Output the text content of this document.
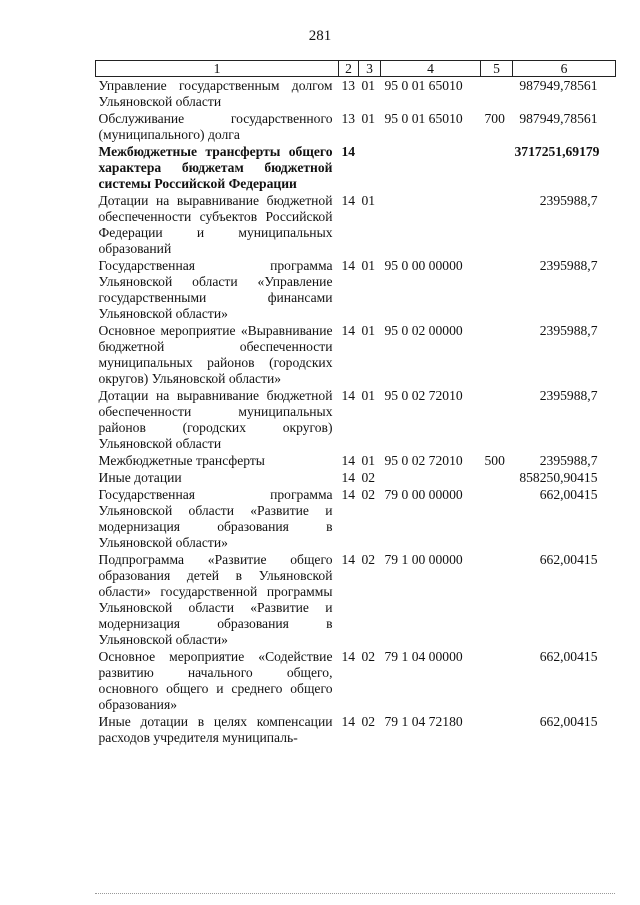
281
1	2	3	4	5	6
Управление государственным долгом Ульяновской области	13	01	95 0 01 65010		987949,78561
Обслуживание государственного (муниципального) долга	13	01	95 0 01 65010	700	987949,78561
Межбюджетные трансферты общего характера бюджетам бюджетной системы Российской Федерации	14				3717251,69179
Дотации на выравнивание бюджетной обеспеченности субъектов Российской Федерации и муниципальных образований	14	01			2395988,7
Государственная программа Ульяновской области «Управление государственными финансами Ульяновской области»	14	01	95 0 00 00000		2395988,7
Основное мероприятие «Выравнивание бюджетной обеспеченности муниципальных районов (городских округов) Ульяновской области»	14	01	95 0 02 00000		2395988,7
Дотации на выравнивание бюджетной обеспеченности муниципальных районов (городских округов) Ульяновской области	14	01	95 0 02 72010		2395988,7
Межбюджетные трансферты	14	01	95 0 02 72010	500	2395988,7
Иные дотации	14	02			858250,90415
Государственная программа Ульяновской области «Развитие и модернизация образования в Ульяновской области»	14	02	79 0 00 00000		662,00415
Подпрограмма «Развитие общего образования детей в Ульяновской области» государственной программы Ульяновской области «Развитие и модернизация образования в Ульяновской области»	14	02	79 1 00 00000		662,00415
Основное мероприятие «Содействие развитию начального общего, основного общего и среднего общего образования»	14	02	79 1 04 00000		662,00415
Иные дотации в целях компенсации расходов учредителя муниципаль-	14	02	79 1 04 72180		662,00415
